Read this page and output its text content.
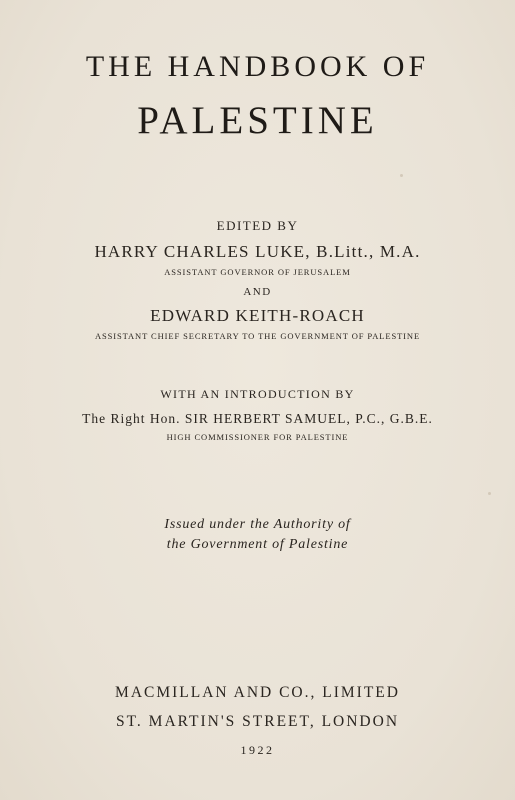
THE HANDBOOK OF
PALESTINE
EDITED BY
HARRY CHARLES LUKE, B.Litt., M.A.
ASSISTANT GOVERNOR OF JERUSALEM
AND
EDWARD KEITH-ROACH
ASSISTANT CHIEF SECRETARY TO THE GOVERNMENT OF PALESTINE
WITH AN INTRODUCTION BY
The Right Hon. SIR HERBERT SAMUEL, P.C., G.B.E.
HIGH COMMISSIONER FOR PALESTINE
Issued under the Authority of
the Government of Palestine
MACMILLAN AND CO., LIMITED
ST. MARTIN'S STREET, LONDON
1922
